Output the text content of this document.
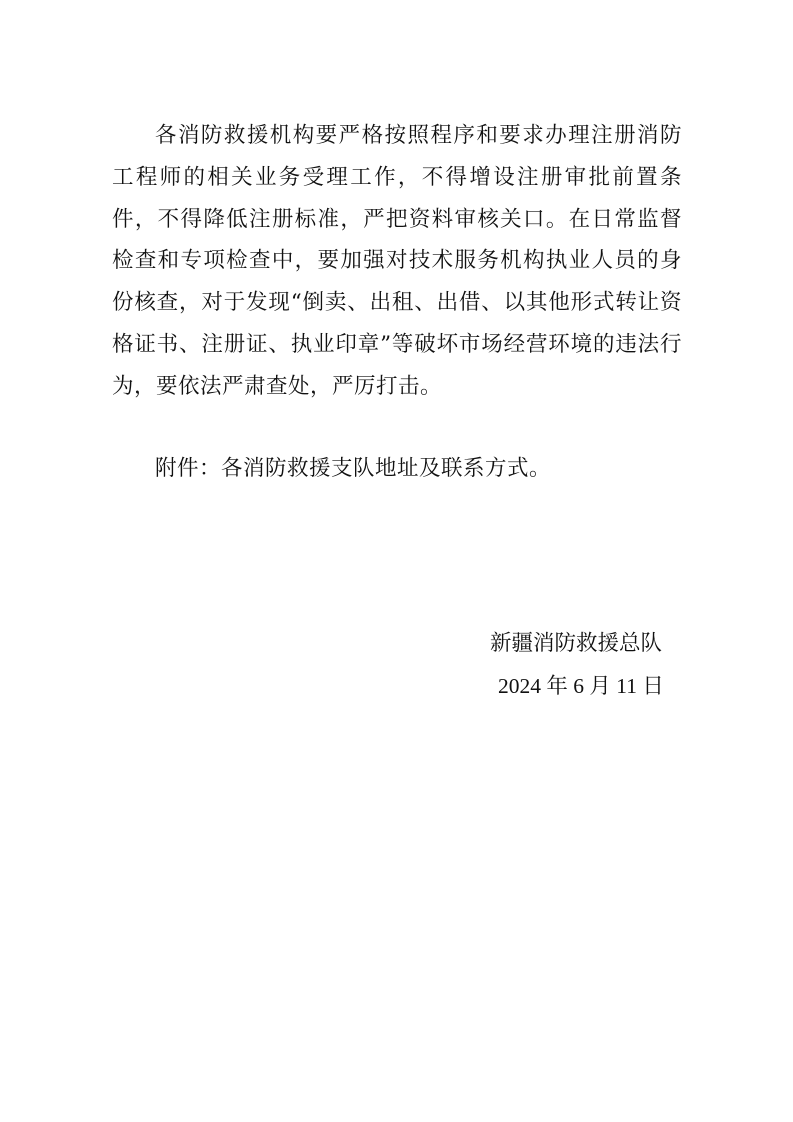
各消防救援机构要严格按照程序和要求办理注册消防工程师的相关业务受理工作，不得增设注册审批前置条件，不得降低注册标准，严把资料审核关口。在日常监督检查和专项检查中，要加强对技术服务机构执业人员的身份核查，对于发现“倒卖、出租、出借、以其他形式转让资格证书、注册证、执业印章”等破坏市场经营环境的违法行为，要依法严肃查处，严厉打击。

附件：各消防救援支队地址及联系方式。

新疆消防救援总队

2024 年 6 月 11 日
